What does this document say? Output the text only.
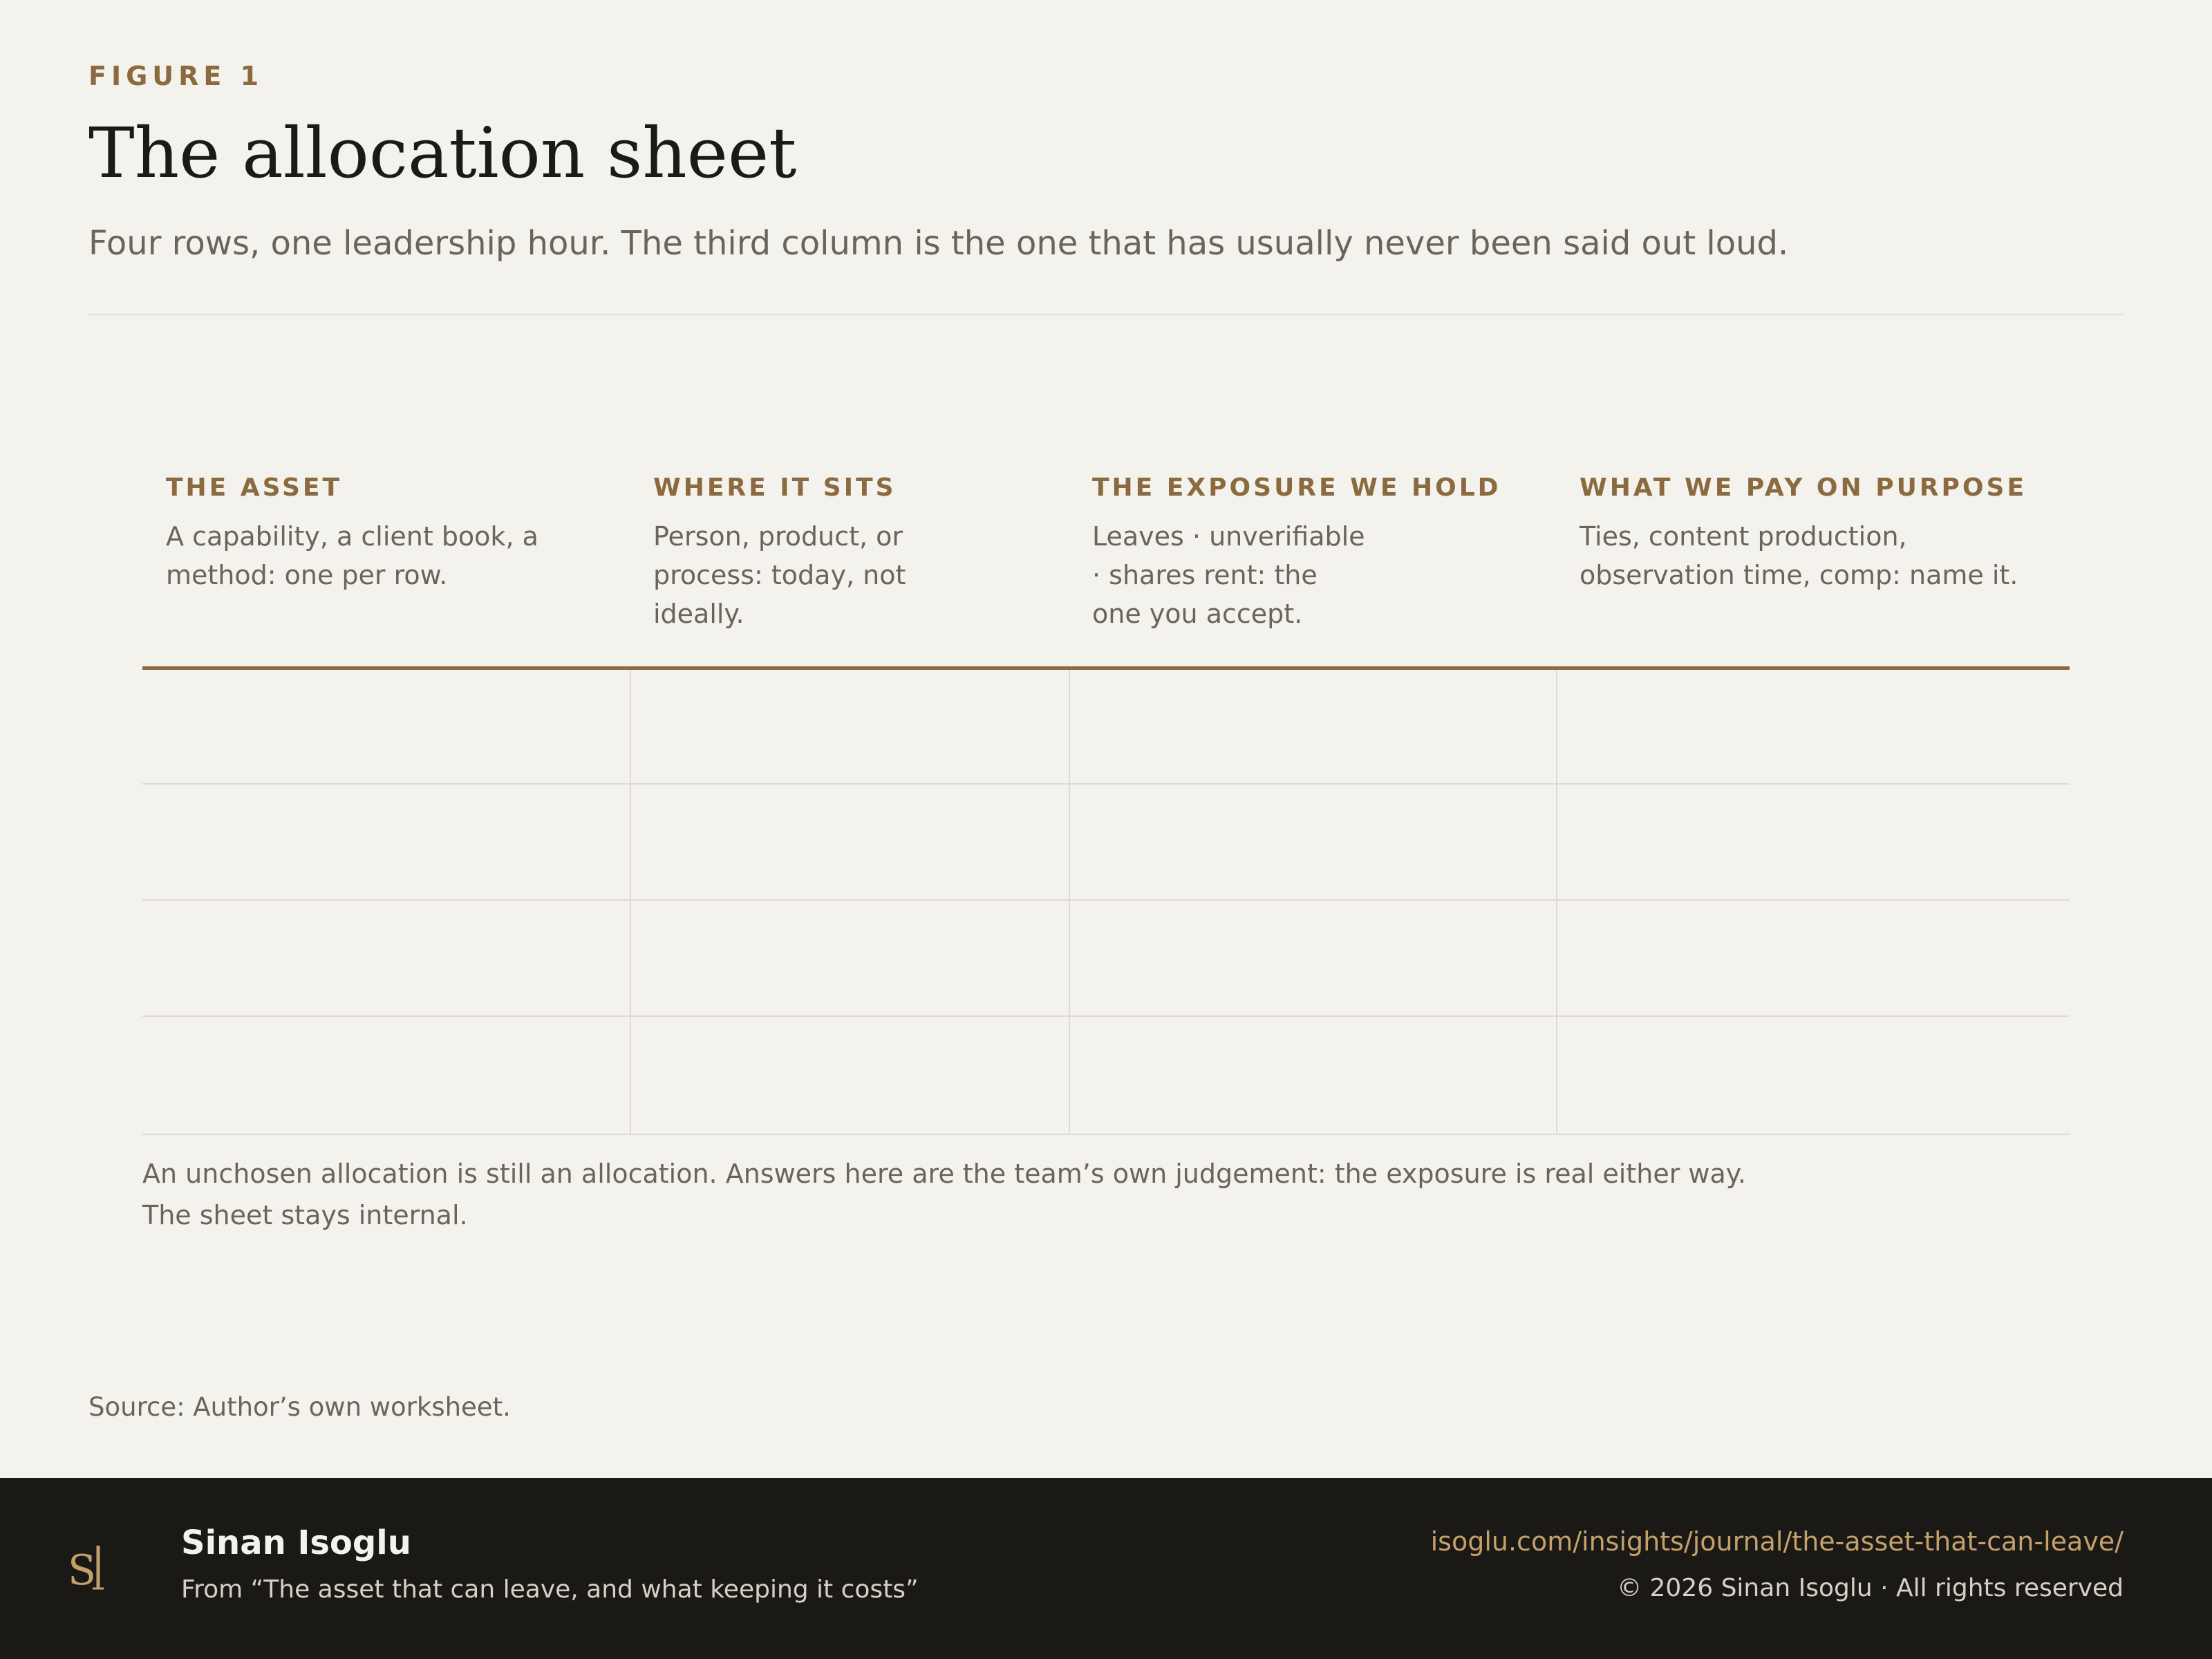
FIGURE 1
The allocation sheet

Four rows, one leadership hour. The third column is the one that has usually never been said out loud.

THE ASSET
A capability, a client book, a method: one per row.
WHERE IT SITS
Person, product, or process: today, not ideally.
THE EXPOSURE WE HOLD
Leaves · unverifiable · shares rent: the one you accept.
WHAT WE PAY ON PURPOSE
Ties, content production, observation time, comp: name it.

An unchosen allocation is still an allocation. Answers here are the team’s own judgement: the exposure is real either way. The sheet stays internal.

Source: Author’s own worksheet.

S
Sinan Isoglu
From “The asset that can leave, and what keeping it costs”
isoglu.com/insights/journal/the-asset-that-can-leave/
© 2026 Sinan Isoglu · All rights reserved
